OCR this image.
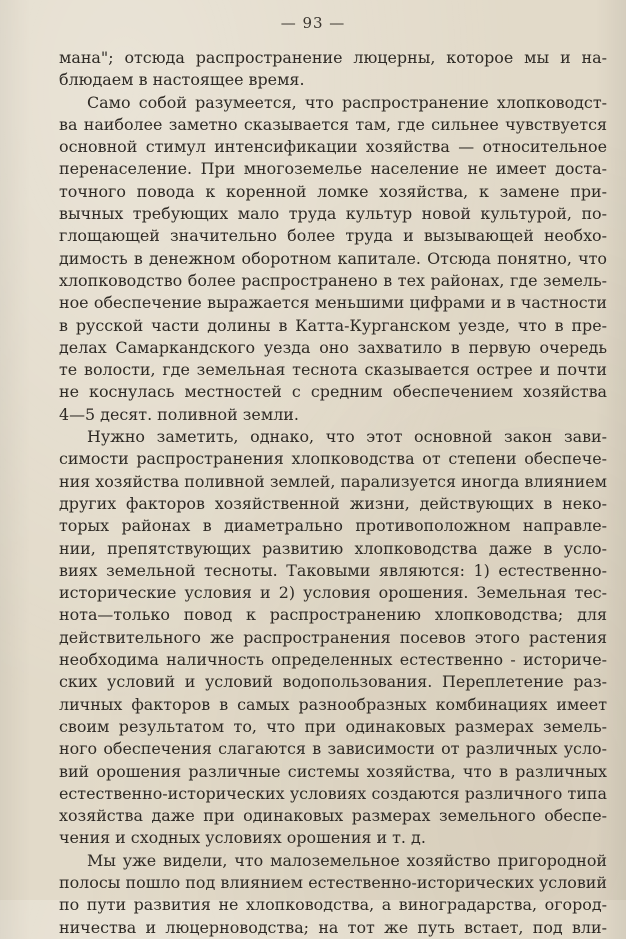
— 93 —
мана"; отсюда распространение люцерны, которое мы и на-
блюдаем в настоящее время.
Само собой разумеется, что распространение хлопководст-
ва наиболее заметно сказывается там, где сильнее чувствуется
основной стимул интенсификации хозяйства — относительное
перенаселение. При многоземелье население не имеет доста-
точного повода к коренной ломке хозяйства, к замене при-
вычных требующих мало труда культур новой культурой, по-
глощающей значительно более труда и вызывающей необхо-
димость в денежном оборотном капитале. Отсюда понятно, что
хлопководство более распространено в тех районах, где земель-
ное обеспечение выражается меньшими цифрами и в частности
в русской части долины в Катта-Курганском уезде, что в пре-
делах Самаркандского уезда оно захватило в первую очередь
те волости, где земельная теснота сказывается острее и почти
не коснулась местностей с средним обеспечением хозяйства
4—5 десят. поливной земли.
Нужно заметить, однако, что этот основной закон зави-
симости распространения хлопководства от степени обеспече-
ния хозяйства поливной землей, парализуется иногда влиянием
других факторов хозяйственной жизни, действующих в неко-
торых районах в диаметрально противоположном направле-
нии, препятствующих развитию хлопководства даже в усло-
виях земельной тесноты. Таковыми являются: 1) естественно-
исторические условия и 2) условия орошения. Земельная тес-
нота—только повод к распространению хлопководства; для
действительного же распространения посевов этого растения
необходима наличность определенных естественно - историче-
ских условий и условий водопользования. Переплетение раз-
личных факторов в самых разнообразных комбинациях имеет
своим результатом то, что при одинаковых размерах земель-
ного обеспечения слагаются в зависимости от различных усло-
вий орошения различные системы хозяйства, что в различных
естественно-исторических условиях создаются различного типа
хозяйства даже при одинаковых размерах земельного обеспе-
чения и сходных условиях орошения и т. д.
Мы уже видели, что малоземельное хозяйство пригородной
полосы пошло под влиянием естественно-исторических условий
по пути развития не хлопководства, а виноградарства, огород-
ничества и люцерноводства; на тот же путь встает, под вли-
